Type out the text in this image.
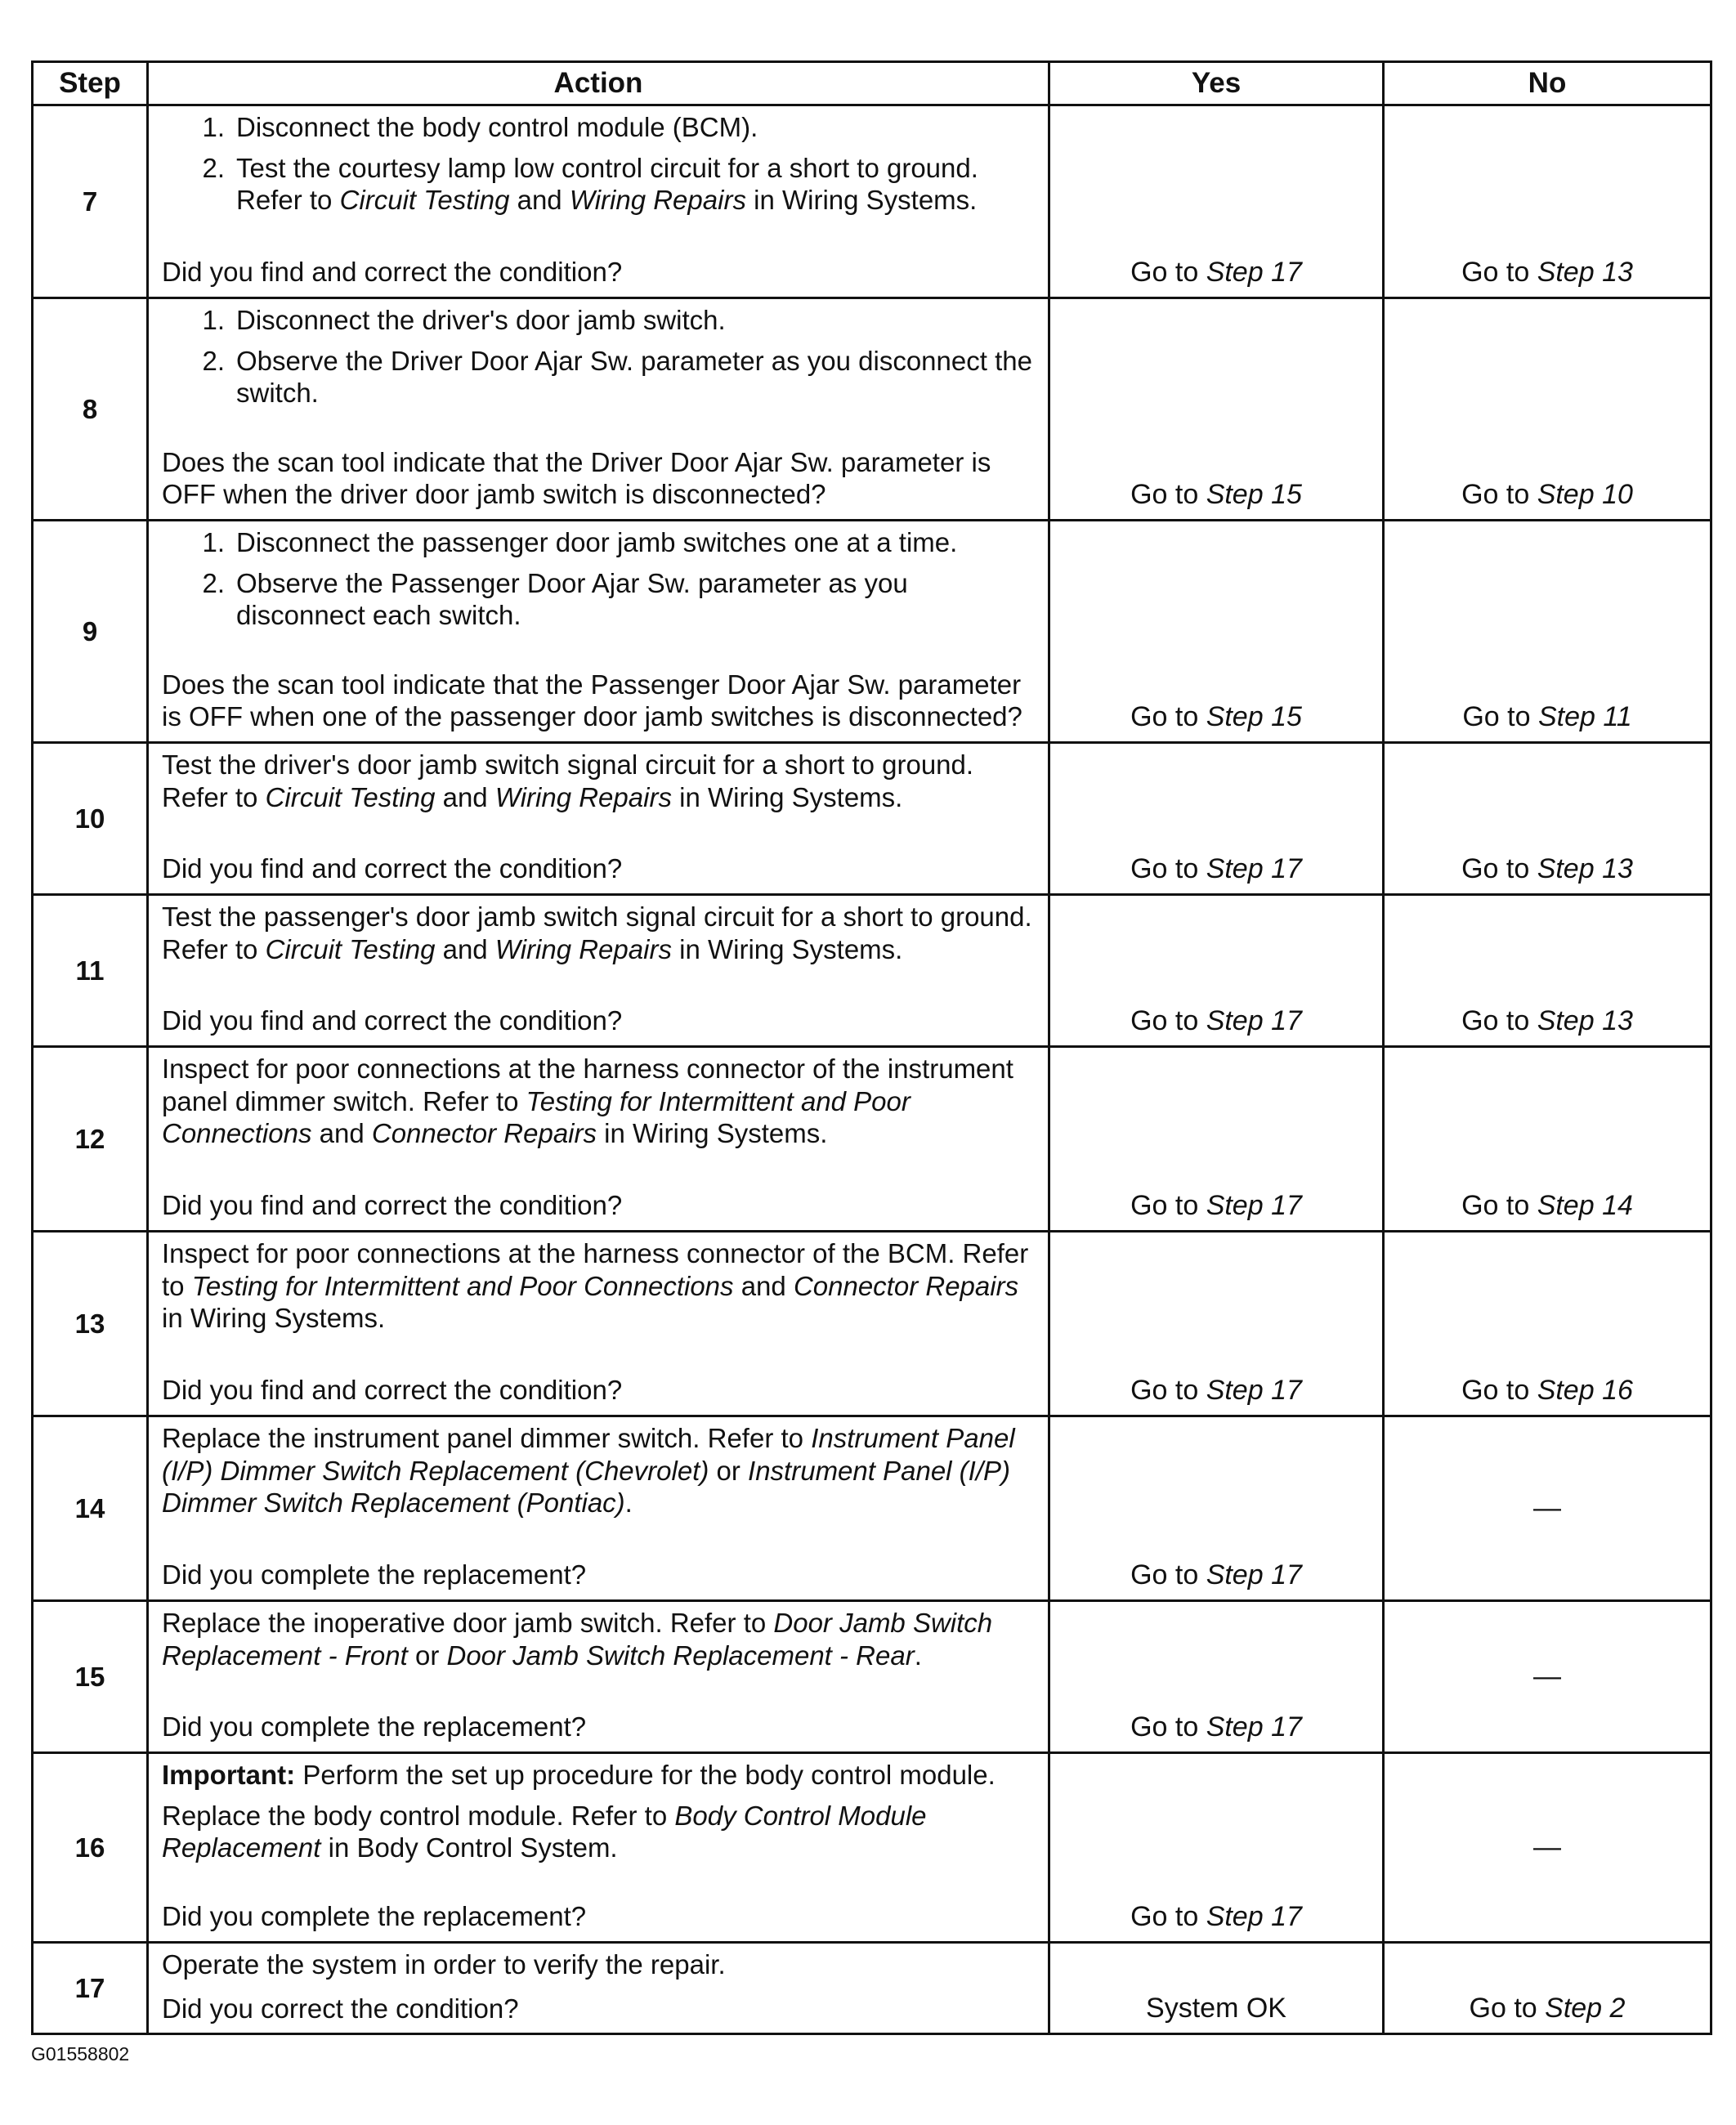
Step	Action	Yes	No
7	1. Disconnect the body control module (BCM).
2. Test the courtesy lamp low control circuit for a short to ground. Refer to Circuit Testing and Wiring Repairs in Wiring Systems.
Did you find and correct the condition?	Go to Step 17	Go to Step 13
8	1. Disconnect the driver's door jamb switch.
2. Observe the Driver Door Ajar Sw. parameter as you disconnect the switch.
Does the scan tool indicate that the Driver Door Ajar Sw. parameter is OFF when the driver door jamb switch is disconnected?	Go to Step 15	Go to Step 10
9	1. Disconnect the passenger door jamb switches one at a time.
2. Observe the Passenger Door Ajar Sw. parameter as you disconnect each switch.
Does the scan tool indicate that the Passenger Door Ajar Sw. parameter is OFF when one of the passenger door jamb switches is disconnected?	Go to Step 15	Go to Step 11
10	Test the driver's door jamb switch signal circuit for a short to ground. Refer to Circuit Testing and Wiring Repairs in Wiring Systems.
Did you find and correct the condition?	Go to Step 17	Go to Step 13
11	Test the passenger's door jamb switch signal circuit for a short to ground. Refer to Circuit Testing and Wiring Repairs in Wiring Systems.
Did you find and correct the condition?	Go to Step 17	Go to Step 13
12	Inspect for poor connections at the harness connector of the instrument panel dimmer switch. Refer to Testing for Intermittent and Poor Connections and Connector Repairs in Wiring Systems.
Did you find and correct the condition?	Go to Step 17	Go to Step 14
13	Inspect for poor connections at the harness connector of the BCM. Refer to Testing for Intermittent and Poor Connections and Connector Repairs in Wiring Systems.
Did you find and correct the condition?	Go to Step 17	Go to Step 16
14	Replace the instrument panel dimmer switch. Refer to Instrument Panel (I/P) Dimmer Switch Replacement (Chevrolet) or Instrument Panel (I/P) Dimmer Switch Replacement (Pontiac).
Did you complete the replacement?	Go to Step 17	—
15	Replace the inoperative door jamb switch. Refer to Door Jamb Switch Replacement - Front or Door Jamb Switch Replacement - Rear.
Did you complete the replacement?	Go to Step 17	—
16	Important: Perform the set up procedure for the body control module.
Replace the body control module. Refer to Body Control Module Replacement in Body Control System.
Did you complete the replacement?	Go to Step 17	—
17	Operate the system in order to verify the repair.
Did you correct the condition?	System OK	Go to Step 2
G01558802
